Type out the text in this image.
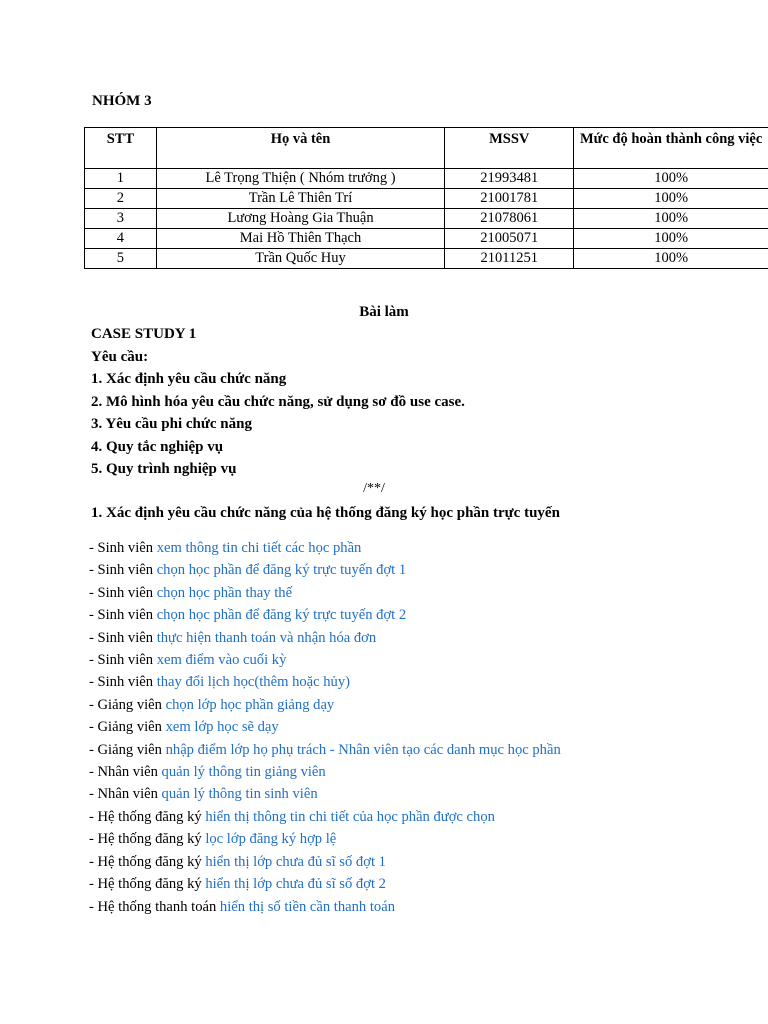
NHÓM 3
STT	Họ và tên	MSSV	Mức độ hoàn thành công việc
1	Lê Trọng Thiện ( Nhóm trưởng )	21993481	100%
2	Trần Lê Thiên Trí	21001781	100%
3	Lương Hoàng Gia Thuận	21078061	100%
4	Mai Hồ Thiên Thạch	21005071	100%
5	Trần Quốc Huy	21011251	100%
Bài làm
CASE STUDY 1
Yêu cầu:
1. Xác định yêu cầu chức năng
2. Mô hình hóa yêu cầu chức năng, sử dụng sơ đồ use case.
3. Yêu cầu phi chức năng
4. Quy tắc nghiệp vụ
5. Quy trình nghiệp vụ
/**/
1. Xác định yêu cầu chức năng của hệ thống đăng ký học phần trực tuyến
- Sinh viên xem thông tin chi tiết các học phần
- Sinh viên chọn học phần để đăng ký trực tuyến đợt 1
- Sinh viên chọn học phần thay thế
- Sinh viên chọn học phần để đăng ký trực tuyến đợt 2
- Sinh viên thực hiện thanh toán và nhận hóa đơn
- Sinh viên xem điểm vào cuối kỳ
- Sinh viên thay đổi lịch học(thêm hoặc hủy)
- Giảng viên chọn lớp học phần giảng dạy
- Giảng viên xem lớp học sẽ dạy
- Giảng viên nhập điểm lớp họ phụ trách - Nhân viên tạo các danh mục học phần
- Nhân viên quản lý thông tin giảng viên
- Nhân viên quản lý thông tin sinh viên
- Hệ thống đăng ký hiển thị thông tin chi tiết của học phần được chọn
- Hệ thống đăng ký lọc lớp đăng ký hợp lệ
- Hệ thống đăng ký hiển thị lớp chưa đủ sĩ số đợt 1
- Hệ thống đăng ký hiển thị lớp chưa đủ sĩ số đợt 2
- Hệ thống thanh toán hiển thị số tiền cần thanh toán
